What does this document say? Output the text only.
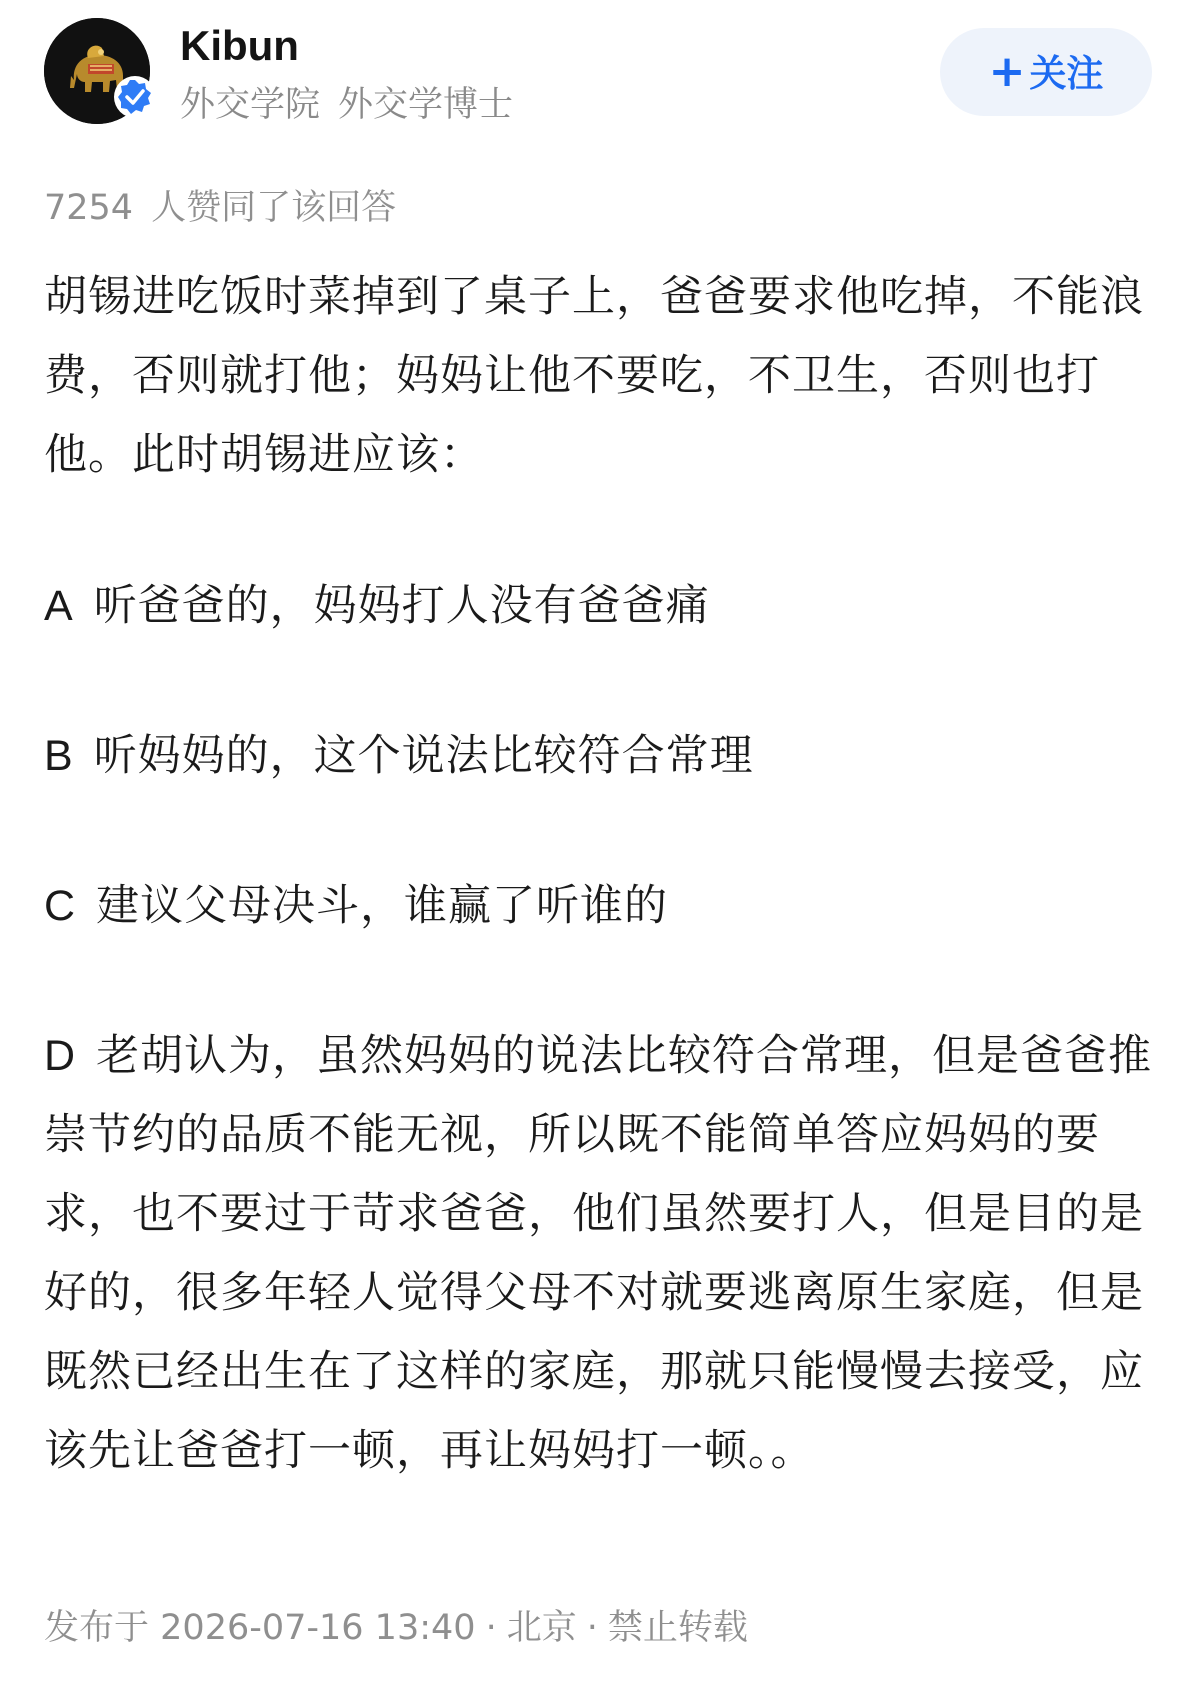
Kibun
外交学院 外交学博士
+ 关注
7254 人赞同了该回答
胡锡进吃饭时菜掉到了桌子上，爸爸要求他吃掉，不能浪费，否则就打他；妈妈让他不要吃，不卫生，否则也打他。此时胡锡进应该：
A 听爸爸的，妈妈打人没有爸爸痛
B 听妈妈的，这个说法比较符合常理
C 建议父母决斗，谁赢了听谁的
D 老胡认为，虽然妈妈的说法比较符合常理，但是爸爸推崇节约的品质不能无视，所以既不能简单答应妈妈的要求，也不要过于苛求爸爸，他们虽然要打人，但是目的是好的，很多年轻人觉得父母不对就要逃离原生家庭，但是既然已经出生在了这样的家庭，那就只能慢慢去接受，应该先让爸爸打一顿，再让妈妈打一顿。。
发布于 2026-07-16 13:40 · 北京 · 禁止转载
